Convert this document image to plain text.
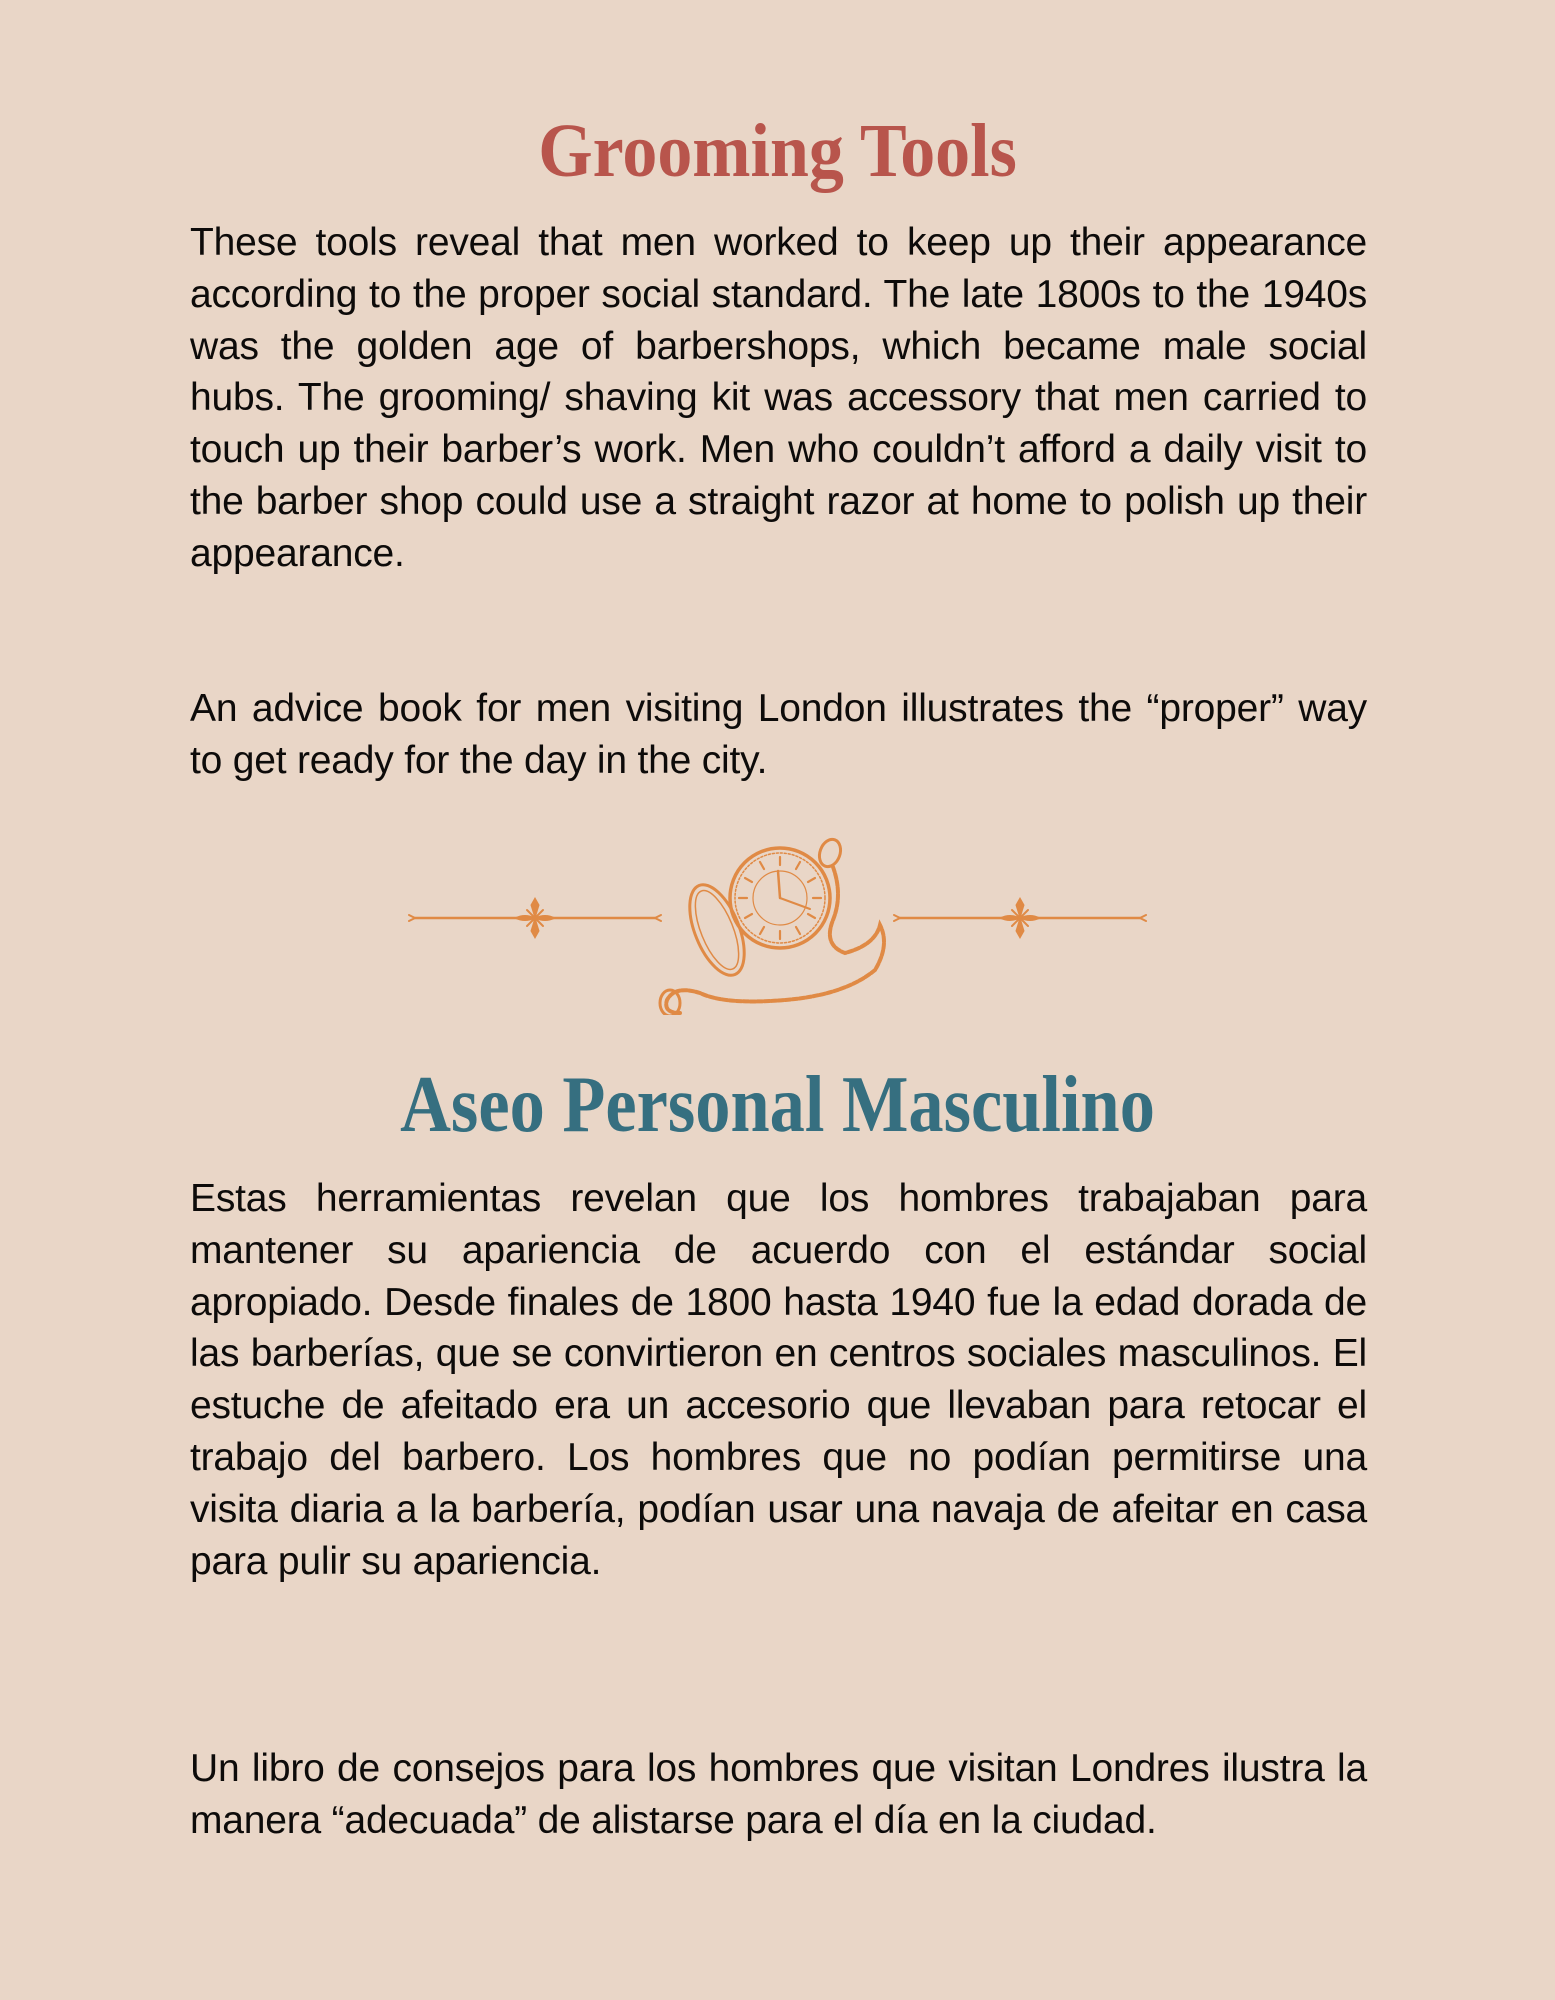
Grooming Tools

These tools reveal that men worked to keep up their appearance according to the proper social standard. The late 1800s to the 1940s was the golden age of barbershops, which became male social hubs. The grooming/ shaving kit was accessory that men carried to touch up their barber’s work. Men who couldn’t afford a daily visit to the barber shop could use a straight razor at home to polish up their appearance.

An advice book for men visiting London illustrates the “proper” way to get ready for the day in the city.

Aseo Personal Masculino

Estas herramientas revelan que los hombres trabajaban para mantener su apariencia de acuerdo con el estándar social apropiado. Desde finales de 1800 hasta 1940 fue la edad dorada de las barberías, que se convirtieron en centros sociales masculinos. El estuche de afeitado era un accesorio que llevaban para retocar el trabajo del barbero. Los hombres que no podían permitirse una visita diaria a la barbería, podían usar una navaja de afeitar en casa para pulir su apariencia.

Un libro de consejos para los hombres que visitan Londres ilustra la manera “adecuada” de alistarse para el día en la ciudad.
